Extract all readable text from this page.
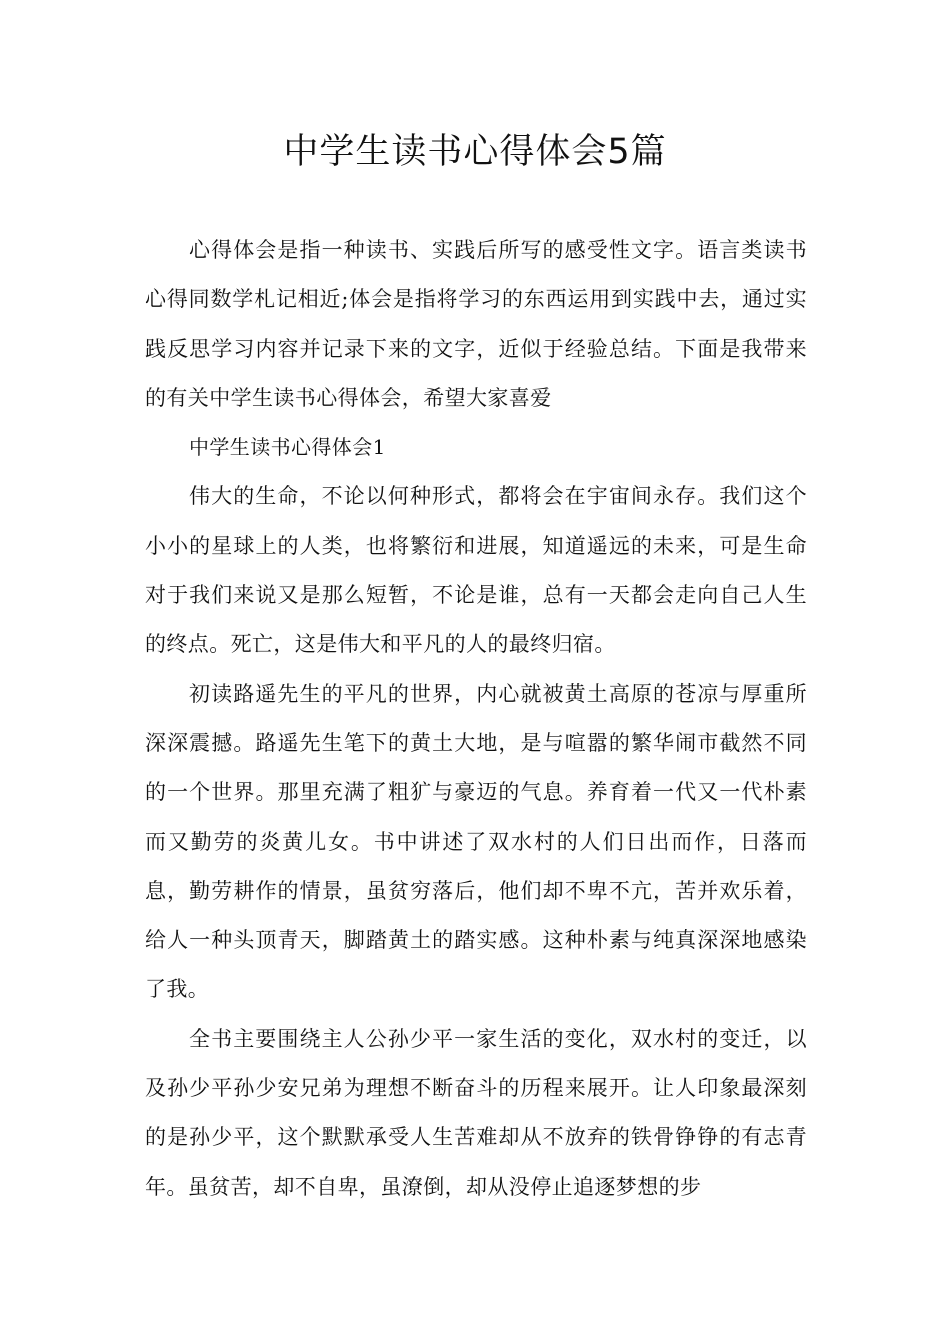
中学生读书心得体会5篇

心得体会是指一种读书、实践后所写的感受性文字。语言类读书心得同数学札记相近;体会是指将学习的东西运用到实践中去，通过实践反思学习内容并记录下来的文字，近似于经验总结。下面是我带来的有关中学生读书心得体会，希望大家喜爱

中学生读书心得体会1

伟大的生命，不论以何种形式，都将会在宇宙间永存。我们这个小小的星球上的人类，也将繁衍和进展，知道遥远的未来，可是生命对于我们来说又是那么短暂，不论是谁，总有一天都会走向自己人生的终点。死亡，这是伟大和平凡的人的最终归宿。

初读路遥先生的平凡的世界，内心就被黄土高原的苍凉与厚重所深深震撼。路遥先生笔下的黄土大地，是与喧嚣的繁华闹市截然不同的一个世界。那里充满了粗犷与豪迈的气息。养育着一代又一代朴素而又勤劳的炎黄儿女。书中讲述了双水村的人们日出而作，日落而息，勤劳耕作的情景，虽贫穷落后，他们却不卑不亢，苦并欢乐着，给人一种头顶青天，脚踏黄土的踏实感。这种朴素与纯真深深地感染了我。

全书主要围绕主人公孙少平一家生活的变化，双水村的变迁，以及孙少平孙少安兄弟为理想不断奋斗的历程来展开。让人印象最深刻的是孙少平，这个默默承受人生苦难却从不放弃的铁骨铮铮的有志青年。虽贫苦，却不自卑，虽潦倒，却从没停止追逐梦想的步
